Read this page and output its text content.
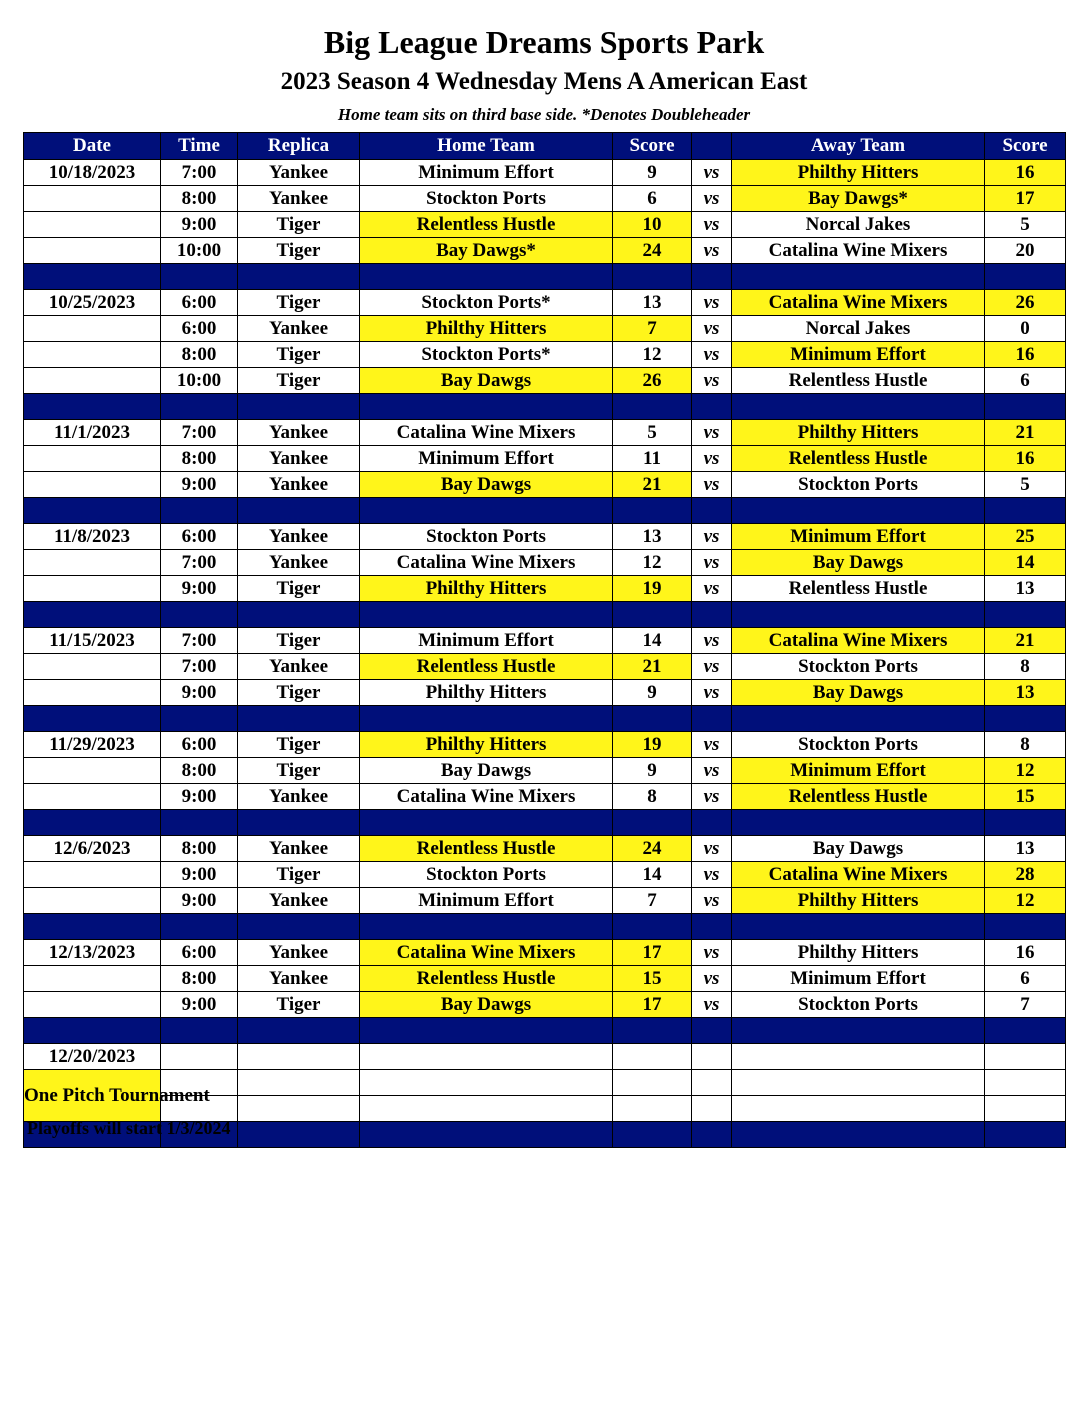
Big League Dreams Sports Park
2023 Season 4 Wednesday Mens A American East
Home team sits on third base side. *Denotes Doubleheader
Date	Time	Replica	Home Team	Score		Away Team	Score
10/18/2023	7:00	Yankee	Minimum Effort	9	vs	Philthy Hitters	16
	8:00	Yankee	Stockton Ports	6	vs	Bay Dawgs*	17
	9:00	Tiger	Relentless Hustle	10	vs	Norcal Jakes	5
	10:00	Tiger	Bay Dawgs*	24	vs	Catalina Wine Mixers	20

10/25/2023	6:00	Tiger	Stockton Ports*	13	vs	Catalina Wine Mixers	26
	6:00	Yankee	Philthy Hitters	7	vs	Norcal Jakes	0
	8:00	Tiger	Stockton Ports*	12	vs	Minimum Effort	16
	10:00	Tiger	Bay Dawgs	26	vs	Relentless Hustle	6

11/1/2023	7:00	Yankee	Catalina Wine Mixers	5	vs	Philthy Hitters	21
	8:00	Yankee	Minimum Effort	11	vs	Relentless Hustle	16
	9:00	Yankee	Bay Dawgs	21	vs	Stockton Ports	5

11/8/2023	6:00	Yankee	Stockton Ports	13	vs	Minimum Effort	25
	7:00	Yankee	Catalina Wine Mixers	12	vs	Bay Dawgs	14
	9:00	Tiger	Philthy Hitters	19	vs	Relentless Hustle	13

11/15/2023	7:00	Tiger	Minimum Effort	14	vs	Catalina Wine Mixers	21
	7:00	Yankee	Relentless Hustle	21	vs	Stockton Ports	8
	9:00	Tiger	Philthy Hitters	9	vs	Bay Dawgs	13

11/29/2023	6:00	Tiger	Philthy Hitters	19	vs	Stockton Ports	8
	8:00	Tiger	Bay Dawgs	9	vs	Minimum Effort	12
	9:00	Yankee	Catalina Wine Mixers	8	vs	Relentless Hustle	15

12/6/2023	8:00	Yankee	Relentless Hustle	24	vs	Bay Dawgs	13
	9:00	Tiger	Stockton Ports	14	vs	Catalina Wine Mixers	28
	9:00	Yankee	Minimum Effort	7	vs	Philthy Hitters	12

12/13/2023	6:00	Yankee	Catalina Wine Mixers	17	vs	Philthy Hitters	16
	8:00	Yankee	Relentless Hustle	15	vs	Minimum Effort	6
	9:00	Tiger	Bay Dawgs	17	vs	Stockton Ports	7

12/20/2023							
One Pitch Tournament							

Playoffs will start 1/3/2024
